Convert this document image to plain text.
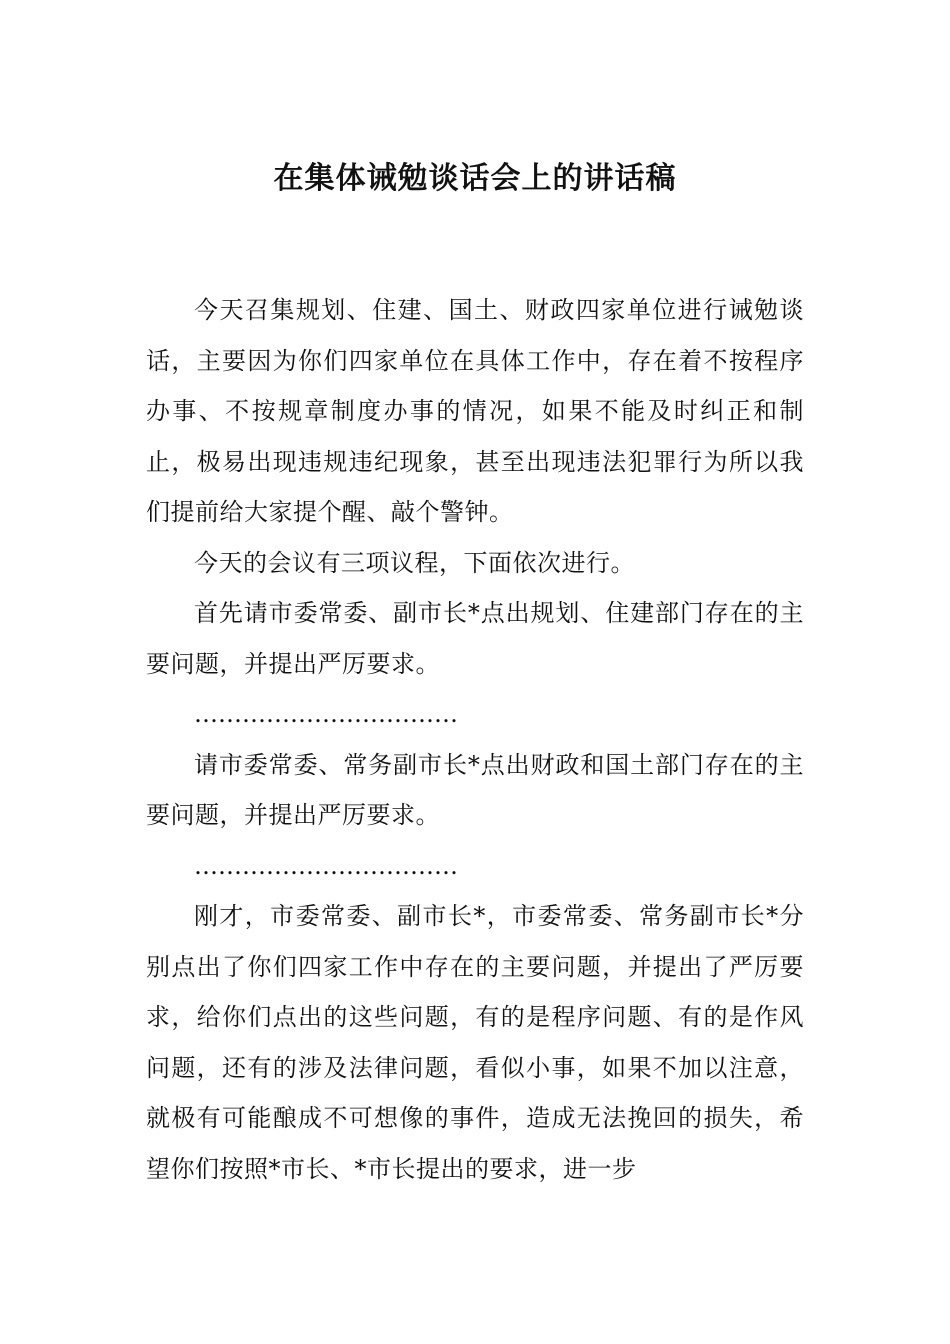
在集体诫勉谈话会上的讲话稿

今天召集规划、住建、国土、财政四家单位进行诫勉谈话，主要因为你们四家单位在具体工作中，存在着不按程序办事、不按规章制度办事的情况，如果不能及时纠正和制止，极易出现违规违纪现象，甚至出现违法犯罪行为所以我们提前给大家提个醒、敲个警钟。

今天的会议有三项议程，下面依次进行。

首先请市委常委、副市长*点出规划、住建部门存在的主要问题，并提出严厉要求。

……………………………

请市委常委、常务副市长*点出财政和国土部门存在的主要问题，并提出严厉要求。

……………………………

刚才，市委常委、副市长*，市委常委、常务副市长*分别点出了你们四家工作中存在的主要问题，并提出了严厉要求，给你们点出的这些问题，有的是程序问题、有的是作风问题，还有的涉及法律问题，看似小事，如果不加以注意，就极有可能酿成不可想像的事件，造成无法挽回的损失，希望你们按照*市长、*市长提出的要求，进一步
